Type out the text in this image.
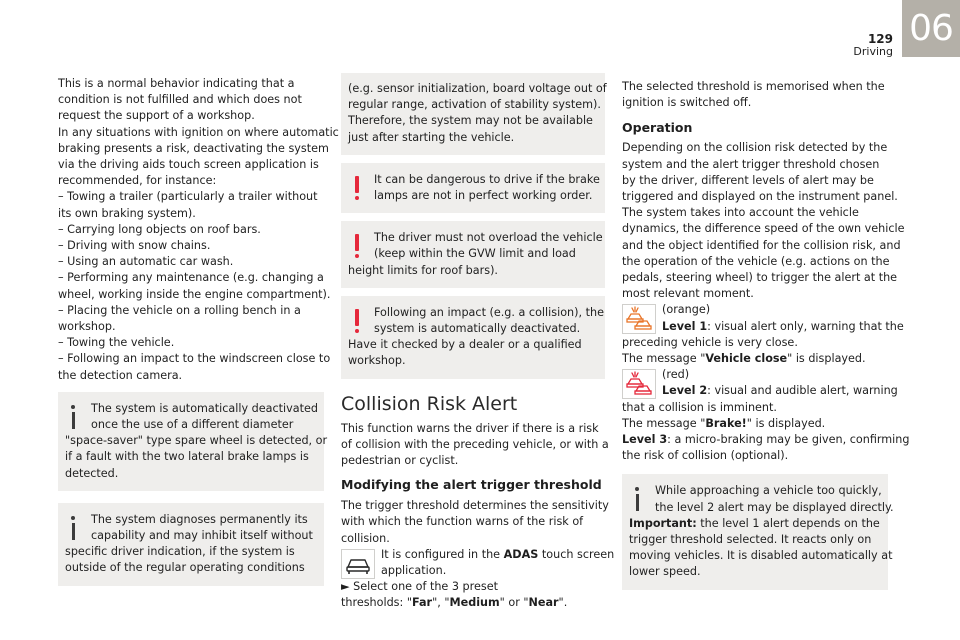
129
Driving
06
This is a normal behavior indicating that a
condition is not fulfilled and which does not
request the support of a workshop.
In any situations with ignition on where automatic
braking presents a risk, deactivating the system
via the driving aids touch screen application is
recommended, for instance:
– Towing a trailer (particularly a trailer without
its own braking system).
– Carrying long objects on roof bars.
– Driving with snow chains.
– Using an automatic car wash.
– Performing any maintenance (e.g. changing a
wheel, working inside the engine compartment).
– Placing the vehicle on a rolling bench in a
workshop.
– Towing the vehicle.
– Following an impact to the windscreen close to
the detection camera.
The system is automatically deactivated
once the use of a different diameter
"space-saver" type spare wheel is detected, or
if a fault with the two lateral brake lamps is
detected.
The system diagnoses permanently its
capability and may inhibit itself without
specific driver indication, if the system is
outside of the regular operating conditions
(e.g. sensor initialization, board voltage out of
regular range, activation of stability system).
Therefore, the system may not be available
just after starting the vehicle.
It can be dangerous to drive if the brake
lamps are not in perfect working order.
The driver must not overload the vehicle
(keep within the GVW limit and load
height limits for roof bars).
Following an impact (e.g. a collision), the
system is automatically deactivated.
Have it checked by a dealer or a qualified
workshop.
Collision Risk Alert
This function warns the driver if there is a risk
of collision with the preceding vehicle, or with a
pedestrian or cyclist.
Modifying the alert trigger threshold
The trigger threshold determines the sensitivity
with which the function warns of the risk of
collision.
It is configured in the ADAS touch screen
application.
► Select one of the 3 preset
thresholds: "Far", "Medium" or "Near".
The selected threshold is memorised when the
ignition is switched off.
Operation
Depending on the collision risk detected by the
system and the alert trigger threshold chosen
by the driver, different levels of alert may be
triggered and displayed on the instrument panel.
The system takes into account the vehicle
dynamics, the difference speed of the own vehicle
and the object identified for the collision risk, and
the operation of the vehicle (e.g. actions on the
pedals, steering wheel) to trigger the alert at the
most relevant moment.
(orange)
Level 1: visual alert only, warning that the
preceding vehicle is very close.
The message "Vehicle close" is displayed.
(red)
Level 2: visual and audible alert, warning
that a collision is imminent.
The message "Brake!" is displayed.
Level 3: a micro-braking may be given, confirming
the risk of collision (optional).
While approaching a vehicle too quickly,
the level 2 alert may be displayed directly.
Important: the level 1 alert depends on the
trigger threshold selected. It reacts only on
moving vehicles. It is disabled automatically at
lower speed.
